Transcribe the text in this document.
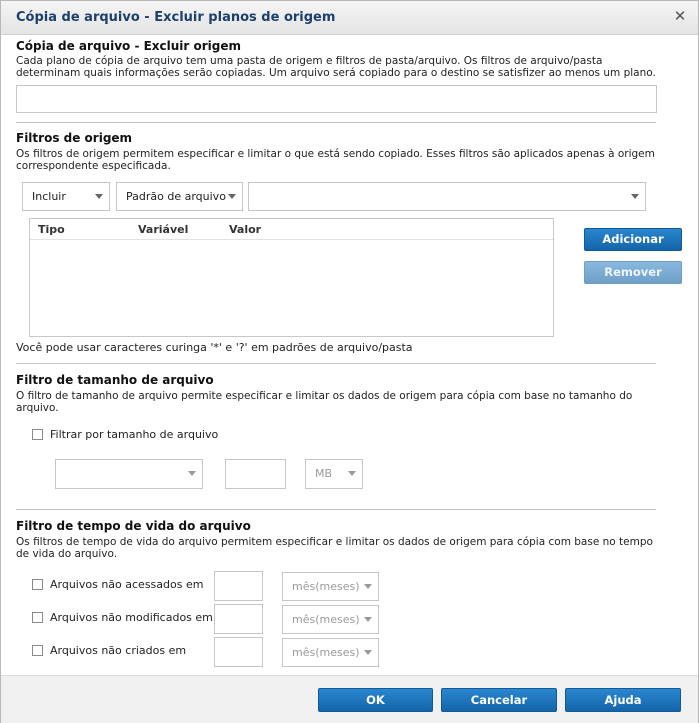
Cópia de arquivo - Excluir planos de origem	✕
Cópia de arquivo - Excluir origem
Cada plano de cópia de arquivo tem uma pasta de origem e filtros de pasta/arquivo. Os filtros de arquivo/pasta determinam quais informações serão copiadas. Um arquivo será copiado para o destino se satisfizer ao menos um plano.
Filtros de origem
Os filtros de origem permitem especificar e limitar o que está sendo copiado. Esses filtros são aplicados apenas à origem correspondente especificada.
Incluir	Padrão de arquivo
Tipo	Variável	Valor
Adicionar
Remover
Você pode usar caracteres curinga '*' e '?' em padrões de arquivo/pasta
Filtro de tamanho de arquivo
O filtro de tamanho de arquivo permite especificar e limitar os dados de origem para cópia com base no tamanho do arquivo.
Filtrar por tamanho de arquivo
MB
Filtro de tempo de vida do arquivo
Os filtros de tempo de vida do arquivo permitem especificar e limitar os dados de origem para cópia com base no tempo de vida do arquivo.
Arquivos não acessados em	mês(meses)
Arquivos não modificados em	mês(meses)
Arquivos não criados em	mês(meses)
OK	Cancelar	Ajuda
